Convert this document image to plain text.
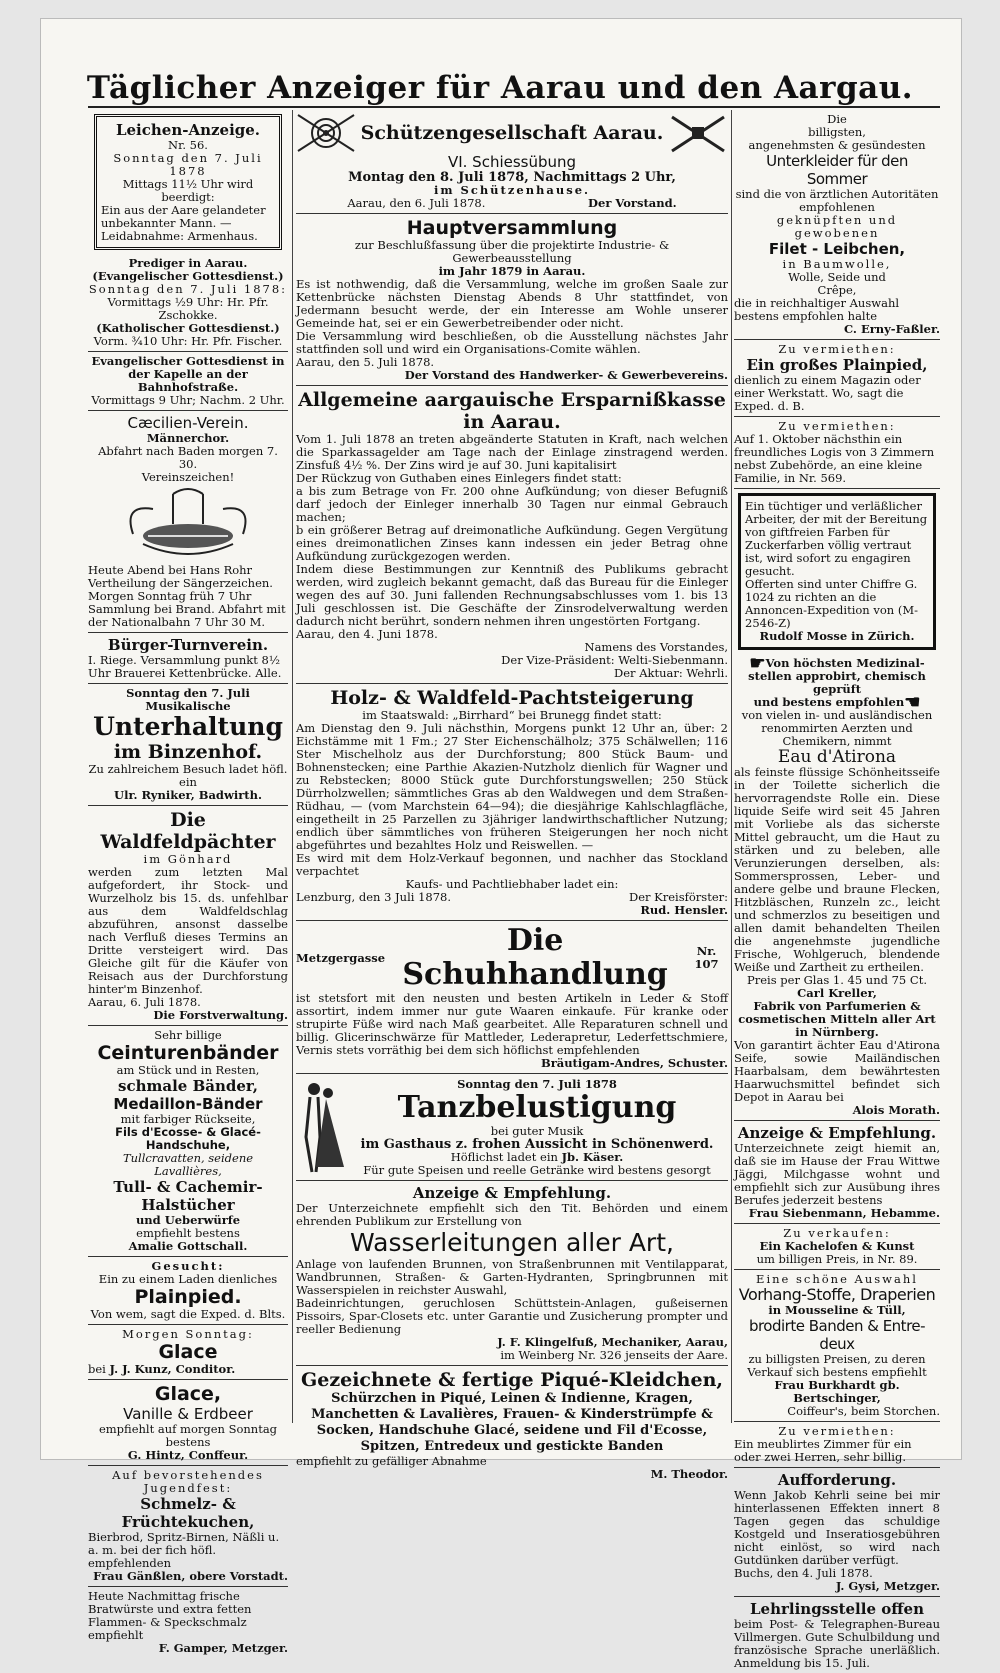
Täglicher Anzeiger für Aarau und den Aargau.

Leichen-Anzeige.

Nr. 56.

Sonntag den 7. Juli 1878

Mittags 11½ Uhr wird beerdigt:

Ein aus der Aare gelandeter unbekannter Mann. — Leidabnahme: Armenhaus.

Prediger in Aarau.

(Evangelischer Gottesdienst.)

Sonntag den 7. Juli 1878:

Vormittags ½9 Uhr: Hr. Pfr. Zschokke.

(Katholischer Gottesdienst.)

Vorm. ¾10 Uhr: Hr. Pfr. Fischer.

Evangelischer Gottesdienst in der Kapelle an der Bahnhofstraße.

Vormittags 9 Uhr; Nachm. 2 Uhr.

Cæcilien-Verein.

Männerchor.

Abfahrt nach Baden morgen 7. 30.

Vereinszeichen!

Heute Abend bei Hans Rohr Vertheilung der Sängerzeichen. Morgen Sonntag früh 7 Uhr Sammlung bei Brand. Abfahrt mit der Nationalbahn 7 Uhr 30 M.

Bürger-Turnverein.

I. Riege. Versammlung punkt 8½ Uhr Brauerei Kettenbrücke. Alle.

Sonntag den 7. Juli

Musikalische

Unterhaltung

im Binzenhof.

Zu zahlreichem Besuch ladet höfl. ein

Ulr. Ryniker, Badwirth.

Die Waldfeldpächter

im Gönhard

werden zum letzten Mal aufgefordert, ihr Stock- und Wurzelholz bis 15. ds. unfehlbar aus dem Waldfeldschlag abzuführen, ansonst dasselbe nach Verfluß dieses Termins an Dritte versteigert wird. Das Gleiche gilt für die Käufer von Reisach aus der Durchforstung hinter'm Binzenhof.

Aarau, 6. Juli 1878.

Die Forstverwaltung.

Sehr billige

Ceinturenbänder

am Stück und in Resten,

schmale Bänder,

Medaillon-Bänder

mit farbiger Rückseite,

Fils d'Ecosse- & Glacé-Handschuhe,

Tullcravatten, seidene Lavallières,

Tull- & Cachemir-Halstücher

und Ueberwürfe

empfiehlt bestens

Amalie Gottschall.

Gesucht:

Ein zu einem Laden dienliches

Plainpied.

Von wem, sagt die Exped. d. Blts.

Morgen Sonntag:

Glace

bei J. J. Kunz, Conditor.

Glace,

Vanille & Erdbeer

empfiehlt auf morgen Sonntag bestens

G. Hintz, Conffeur.

Auf bevorstehendes Jugendfest:

Schmelz- & Früchtekuchen,

Bierbrod, Spritz-Birnen, Näßli u. a. m. bei der fich höfl. empfehlenden

Frau Gänßlen, obere Vorstadt.

Heute Nachmittag frische Bratwürste und extra fetten Flammen- & Speckschmalz empfiehlt

F. Gamper, Metzger.

Schützengesellschaft Aarau.

VI. Schiessübung

Montag den 8. Juli 1878, Nachmittags 2 Uhr,

im Schützenhause.

Aarau, den 6. Juli 1878.	Der Vorstand.

Hauptversammlung

zur Beschlußfassung über die projektirte Industrie- & Gewerbeausstellung

im Jahr 1879 in Aarau.

Es ist nothwendig, daß die Versammlung, welche im großen Saale zur Kettenbrücke nächsten Dienstag Abends 8 Uhr stattfindet, von Jedermann besucht werde, der ein Interesse am Wohle unserer Gemeinde hat, sei er ein Gewerbetreibender oder nicht.

Die Versammlung wird beschließen, ob die Ausstellung nächstes Jahr stattfinden soll und wird ein Organisations-Comite wählen.

Aarau, den 5. Juli 1878.

Der Vorstand des Handwerker- & Gewerbevereins.

Allgemeine aargauische Ersparnißkasse in Aarau.

Vom 1. Juli 1878 an treten abgeänderte Statuten in Kraft, nach welchen die Sparkassagelder am Tage nach der Einlage zinstragend werden. Zinsfuß 4½ %. Der Zins wird je auf 30. Juni kapitalisirt

Der Rückzug von Guthaben eines Einlegers findet statt:

a bis zum Betrage von Fr. 200 ohne Aufkündung; von dieser Befugniß darf jedoch der Einleger innerhalb 30 Tagen nur einmal Gebrauch machen;

b ein größerer Betrag auf dreimonatliche Aufkündung. Gegen Vergütung eines dreimonatlichen Zinses kann indessen ein jeder Betrag ohne Aufkündung zurückgezogen werden.

Indem diese Bestimmungen zur Kenntniß des Publikums gebracht werden, wird zugleich bekannt gemacht, daß das Bureau für die Einleger wegen des auf 30. Juni fallenden Rechnungsabschlusses vom 1. bis 13 Juli geschlossen ist. Die Geschäfte der Zinsrodelverwaltung werden dadurch nicht berührt, sondern nehmen ihren ungestörten Fortgang.

Aarau, den 4. Juni 1878.

Namens des Vorstandes,

Der Vize-Präsident: Welti-Siebenmann.

Der Aktuar: Wehrli.

Holz- & Waldfeld-Pachtsteigerung

im Staatswald: „Birrhard“ bei Brunegg findet statt:

Am Dienstag den 9. Juli nächsthin, Morgens punkt 12 Uhr an, über: 2 Eichstämme mit 1 Fm.; 27 Ster Eichenschälholz; 375 Schälwellen; 116 Ster Mischelholz aus der Durchforstung; 800 Stück Baum- und Bohnenstecken; eine Parthie Akazien-Nutzholz dienlich für Wagner und zu Rebstecken; 8000 Stück gute Durchforstungswellen; 250 Stück Dürrholzwellen; sämmtliches Gras ab den Waldwegen und dem Straßen-Rüdhau, — (vom Marchstein 64—94); die diesjährige Kahlschlagfläche, eingetheilt in 25 Parzellen zu 3jähriger landwirthschaftlicher Nutzung; endlich über sämmtliches von früheren Steigerungen her noch nicht abgeführtes und bezahltes Holz und Reiswellen. —

Es wird mit dem Holz-Verkauf begonnen, und nachher das Stockland verpachtet

Kaufs- und Pachtliebhaber ladet ein:

Lenzburg, den 3 Juli 1878.	Der Kreisförster:

Rud. Hensler.

Metzgergasse	Die Schuhhandlung
Nr. 107

ist stetsfort mit den neusten und besten Artikeln in Leder & Stoff assortirt, indem immer nur gute Waaren einkaufe. Für kranke oder strupirte Füße wird nach Maß gearbeitet. Alle Reparaturen schnell und billig. Glicerinschwärze für Mattleder, Lederapretur, Lederfettschmiere, Vernis stets vorräthig bei dem sich höflichst empfehlenden

Bräutigam-Andres, Schuster.

Sonntag den 7. Juli 1878

Tanzbelustigung

bei guter Musik

im Gasthaus z. frohen Aussicht in Schönenwerd.

Höflichst ladet ein Jb. Käser.

Für gute Speisen und reelle Getränke wird bestens gesorgt

Anzeige & Empfehlung.

Der Unterzeichnete empfiehlt sich den Tit. Behörden und einem ehrenden Publikum zur Erstellung von

Wasserleitungen aller Art,

Anlage von laufenden Brunnen, von Straßenbrunnen mit Ventilapparat, Wandbrunnen, Straßen- & Garten-Hydranten, Springbrunnen mit Wasserspielen in reichster Auswahl,

Badeinrichtungen, geruchlosen Schüttstein-Anlagen, gußeisernen Pissoirs, Spar-Closets etc. unter Garantie und Zusicherung prompter und reeller Bedienung

J. F. Klingelfuß, Mechaniker, Aarau,

im Weinberg Nr. 326 jenseits der Aare.

Gezeichnete & fertige Piqué-Kleidchen,

Schürzchen in Piqué, Leinen & Indienne, Kragen, Manchetten & Lavalières, Frauen- & Kinderstrümpfe & Socken, Handschuhe Glacé, seidene und Fil d'Ecosse, Spitzen, Entredeux und gestickte Banden

empfiehlt zu gefälliger Abnahme

M. Theodor.

Die

billigsten,

angenehmsten & gesündesten

Unterkleider für den Sommer

sind die von ärztlichen Autoritäten empfohlenen

geknüpften und gewobenen

Filet - Leibchen,

in Baumwolle,

Wolle, Seide und

Crêpe,

die in reichhaltiger Auswahl bestens empfohlen halte

C. Erny-Faßler.

Zu vermiethen:

Ein großes Plainpied,

dienlich zu einem Magazin oder einer Werkstatt. Wo, sagt die Exped. d. B.

Zu vermiethen:

Auf 1. Oktober nächsthin ein freundliches Logis von 3 Zimmern nebst Zubehörde, an eine kleine Familie, in Nr. 569.

Ein tüchtiger und verläßlicher Arbeiter, der mit der Bereitung von giftfreien Farben für Zuckerfarben völlig vertraut ist, wird sofort zu engagiren gesucht.

Offerten sind unter Chiffre G. 1024 zu richten an die Annoncen-Expedition von (M-2546-Z)

Rudolf Mosse in Zürich.

☛ Von höchsten Medizinal-

stellen approbirt, chemisch geprüft

und bestens empfohlen ☚

von vielen in- und ausländischen renommirten Aerzten und Chemikern, nimmt

Eau d'Atirona

als feinste flüssige Schönheitsseife in der Toilette sicherlich die hervorragendste Rolle ein. Diese liquide Seife wird seit 45 Jahren mit Vorliebe als das sicherste Mittel gebraucht, um die Haut zu stärken und zu beleben, alle Verunzierungen derselben, als: Sommersprossen, Leber- und andere gelbe und braune Flecken, Hitzbläschen, Runzeln zc., leicht und schmerzlos zu beseitigen und allen damit behandelten Theilen die angenehmste jugendliche Frische, Wohlgeruch, blendende Weiße und Zartheit zu ertheilen.

Preis per Glas 1. 45 und 75 Ct.

Carl Kreller,

Fabrik von Parfumerien & cosmetischen Mitteln aller Art in Nürnberg.

Von garantirt ächter Eau d'Atirona Seife, sowie Mailändischen Haarbalsam, dem bewährtesten Haarwuchsmittel befindet sich Depot in Aarau bei

Alois Morath.

Anzeige & Empfehlung.

Unterzeichnete zeigt hiemit an, daß sie im Hause der Frau Wittwe Jäggi, Milchgasse wohnt und empfiehlt sich zur Ausübung ihres Berufes jederzeit bestens

Frau Siebenmann, Hebamme.

Zu verkaufen:

Ein Kachelofen & Kunst

um billigen Preis, in Nr. 89.

Eine schöne Auswahl

Vorhang-Stoffe, Draperien

in Mousseline & Tüll,

brodirte Banden & Entre-deux

zu billigsten Preisen, zu deren Verkauf sich bestens empfiehlt

Frau Burkhardt gb. Bertschinger,

Coiffeur's, beim Storchen.

Zu vermiethen:

Ein meublirtes Zimmer für ein oder zwei Herren, sehr billig.

Aufforderung.

Wenn Jakob Kehrli seine bei mir hinterlassenen Effekten innert 8 Tagen gegen das schuldige Kostgeld und Inseratiosgebühren nicht einlöst, so wird nach Gutdünken darüber verfügt.

Buchs, den 4. Juli 1878.

J. Gysi, Metzger.

Lehrlingsstelle offen

beim Post- & Telegraphen-Bureau Villmergen. Gute Schulbildung und französische Sprache unerläßlich. Anmeldung bis 15. Juli.
